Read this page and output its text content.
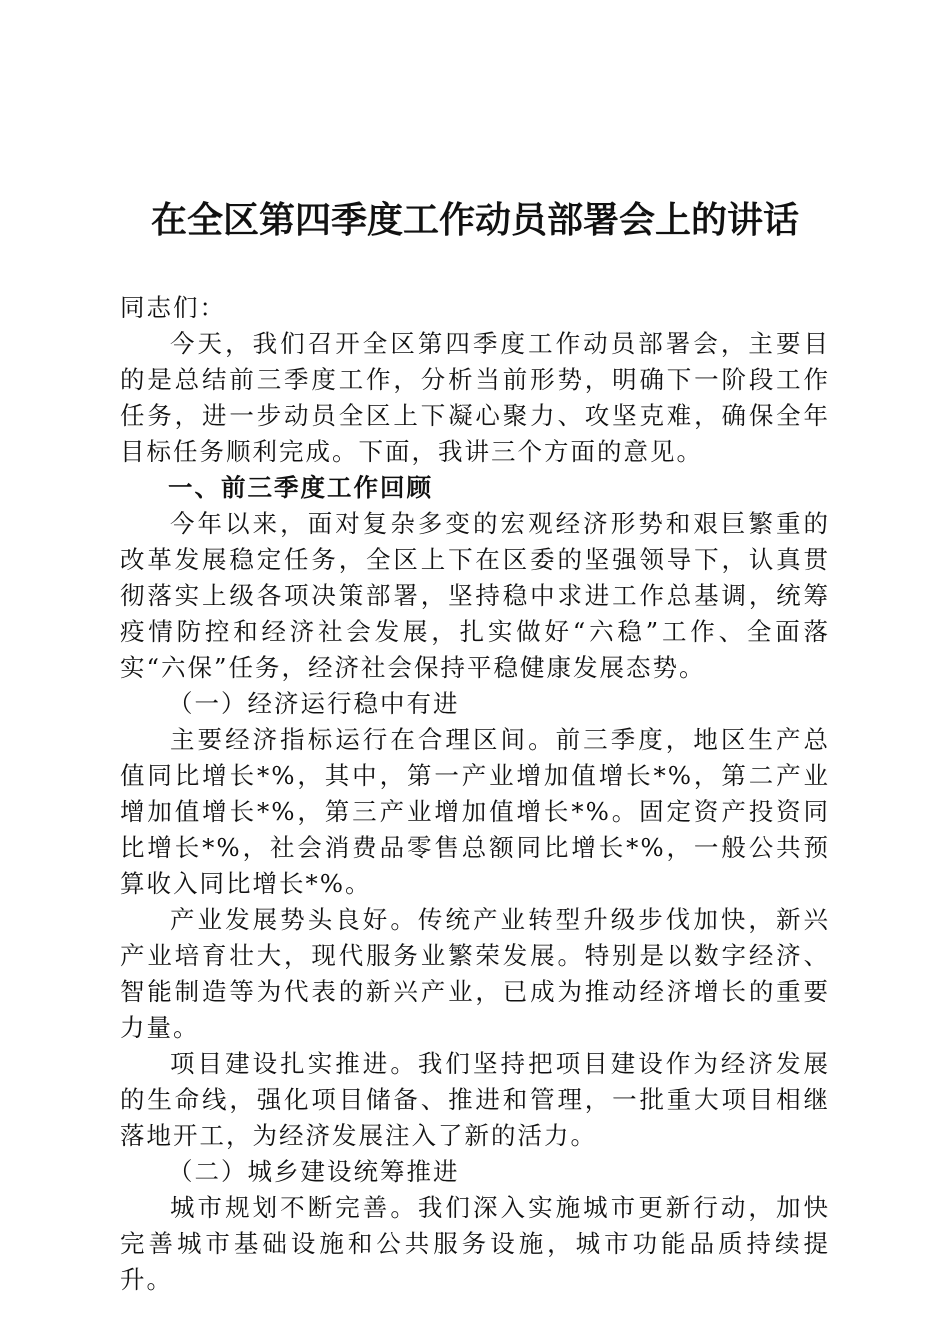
在全区第四季度工作动员部署会上的讲话

同志们：

今天，我们召开全区第四季度工作动员部署会，主要目的是总结前三季度工作，分析当前形势，明确下一阶段工作任务，进一步动员全区上下凝心聚力、攻坚克难，确保全年目标任务顺利完成。下面，我讲三个方面的意见。

一、前三季度工作回顾

今年以来，面对复杂多变的宏观经济形势和艰巨繁重的改革发展稳定任务，全区上下在区委的坚强领导下，认真贯彻落实上级各项决策部署，坚持稳中求进工作总基调，统筹疫情防控和经济社会发展，扎实做好“六稳”工作、全面落实“六保”任务，经济社会保持平稳健康发展态势。

（一）经济运行稳中有进

主要经济指标运行在合理区间。前三季度，地区生产总值同比增长*%，其中，第一产业增加值增长*%，第二产业增加值增长*%，第三产业增加值增长*%。固定资产投资同比增长*%，社会消费品零售总额同比增长*%，一般公共预算收入同比增长*%。

产业发展势头良好。传统产业转型升级步伐加快，新兴产业培育壮大，现代服务业繁荣发展。特别是以数字经济、智能制造等为代表的新兴产业，已成为推动经济增长的重要力量。

项目建设扎实推进。我们坚持把项目建设作为经济发展的生命线，强化项目储备、推进和管理，一批重大项目相继落地开工，为经济发展注入了新的活力。

（二）城乡建设统筹推进

城市规划不断完善。我们深入实施城市更新行动，加快完善城市基础设施和公共服务设施，城市功能品质持续提升。
